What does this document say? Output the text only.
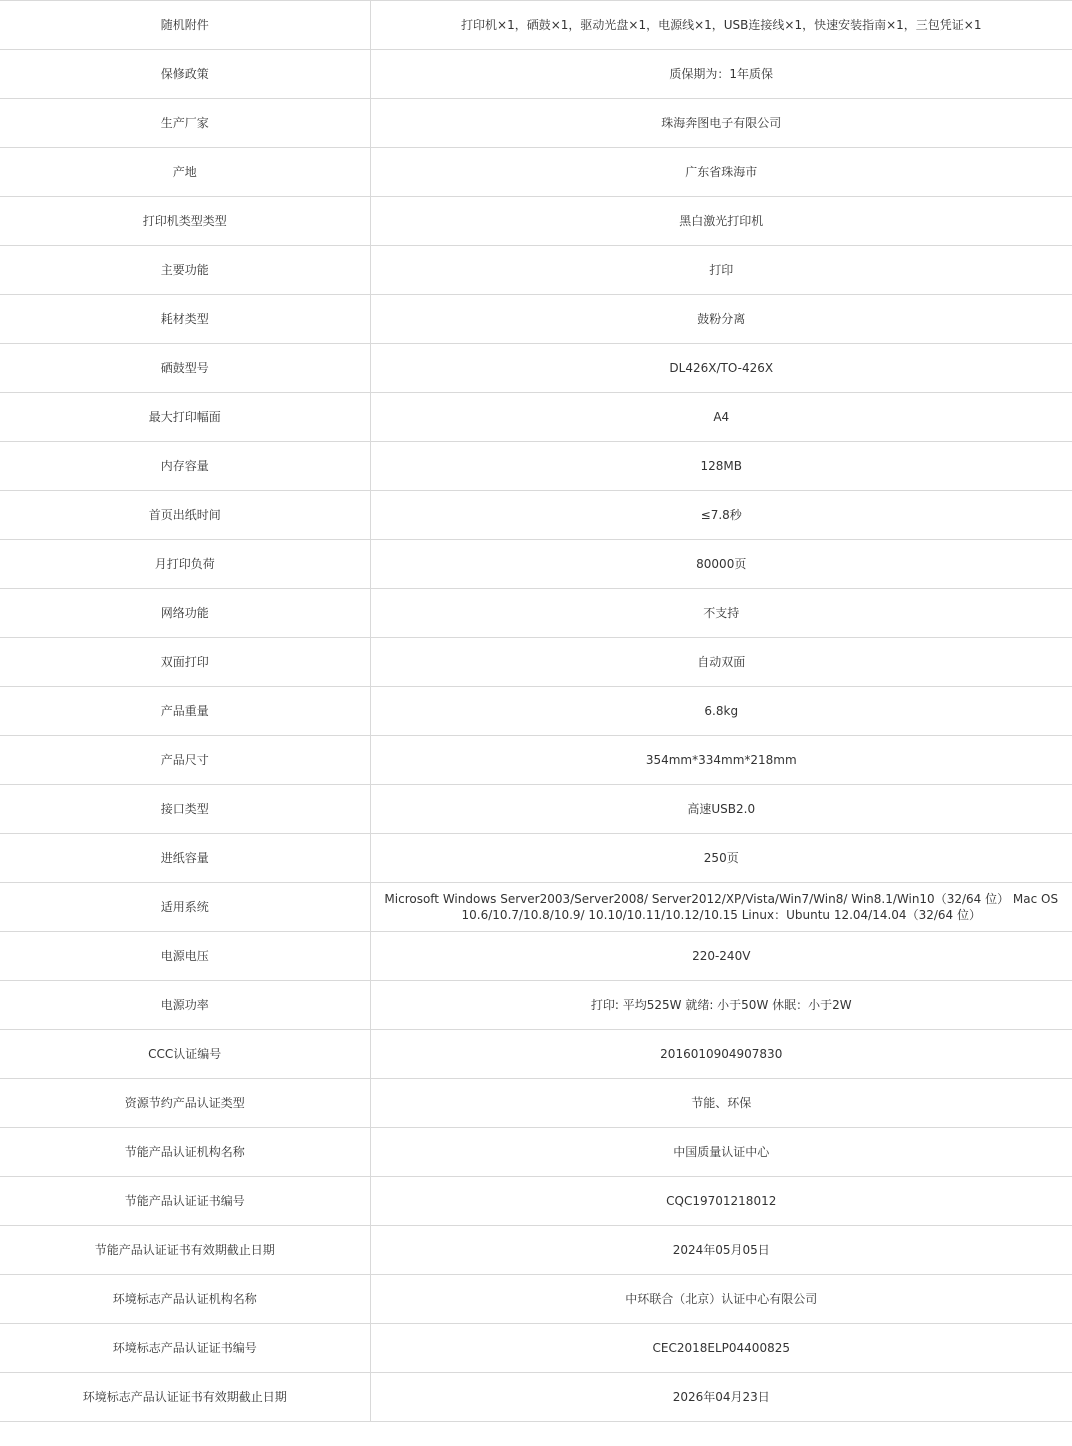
随机附件	打印机×1，硒鼓×1，驱动光盘×1，电源线×1，USB连接线×1，快速安装指南×1，三包凭证×1
保修政策	质保期为：1年质保
生产厂家	珠海奔图电子有限公司
产地	广东省珠海市
打印机类型类型	黑白激光打印机
主要功能	打印
耗材类型	鼓粉分离
硒鼓型号	DL426X/TO-426X
最大打印幅面	A4
内存容量	128MB
首页出纸时间	≤7.8秒
月打印负荷	80000页
网络功能	不支持
双面打印	自动双面
产品重量	6.8kg
产品尺寸	354mm*334mm*218mm
接口类型	高速USB2.0
进纸容量	250页
适用系统	Microsoft Windows Server2003/Server2008/ Server2012/XP/Vista/Win7/Win8/ Win8.1/Win10（32/64 位） Mac OS 10.6/10.7/10.8/10.9/ 10.10/10.11/10.12/10.15 Linux：Ubuntu 12.04/14.04（32/64 位）
电源电压	220-240V
电源功率	打印: 平均525W 就绪: 小于50W 休眠：小于2W
CCC认证编号	2016010904907830
资源节约产品认证类型	节能、环保
节能产品认证机构名称	中国质量认证中心
节能产品认证证书编号	CQC19701218012
节能产品认证证书有效期截止日期	2024年05月05日
环境标志产品认证机构名称	中环联合（北京）认证中心有限公司
环境标志产品认证证书编号	CEC2018ELP04400825
环境标志产品认证证书有效期截止日期	2026年04月23日
